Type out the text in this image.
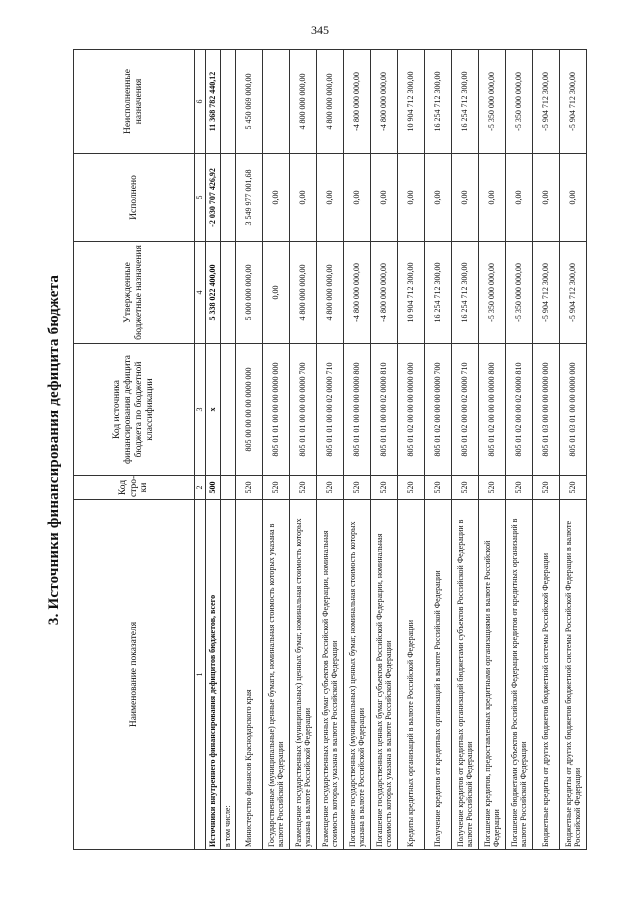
345
3. Источники финансирования дефицита бюджета
Наименование показателя	Код стро-ки	Код источника финансирования дефицита бюджета по бюджетной классификации	Утвержденные бюджетные назначения	Исполнено	Неисполненные назначения
1	2	3	4	5	6
Источники внутреннего финансирования дефицитов бюджетов, всего	500	x	5 338 022 400,00	-2 030 707 426,92	11 368 782 440,12
в том числе:					
Министерство финансов Краснодарского края	520	805 00 00 00 00 0000 000	5 000 000 000,00	3 549 977 001,68	5 450 069 000,00
Государственные (муниципальные) ценные бумаги, номинальная стоимость которых указана в валюте Российской Федерации	520	805 01 01 00 00 00 0000 000	0,00	0,00	
Размещение государственных (муниципальных) ценных бумаг, номинальная стоимость которых указана в валюте Российской Федерации	520	805 01 01 00 00 00 0000 700	4 800 000 000,00	0,00	4 800 000 000,00
Размещение государственных ценных бумаг субъектов Российской Федерации, номинальная стоимость которых указана в валюте Российской Федерации	520	805 01 01 00 00 02 0000 710	4 800 000 000,00	0,00	4 800 000 000,00
Погашение государственных (муниципальных) ценных бумаг, номинальная стоимость которых указана в валюте Российской Федерации	520	805 01 01 00 00 00 0000 800	-4 800 000 000,00	0,00	-4 800 000 000,00
Погашение государственных ценных бумаг субъектов Российской Федерации, номинальная стоимость которых указана в валюте Российской Федерации	520	805 01 01 00 00 02 0000 810	-4 800 000 000,00	0,00	-4 800 000 000,00
Кредиты кредитных организаций в валюте Российской Федерации	520	805 01 02 00 00 00 0000 000	10 904 712 300,00	0,00	10 904 712 300,00
Получение кредитов от кредитных организаций в валюте Российской Федерации	520	805 01 02 00 00 00 0000 700	16 254 712 300,00	0,00	16 254 712 300,00
Получение кредитов от кредитных организаций бюджетами субъектов Российской Федерации в валюте Российской Федерации	520	805 01 02 00 00 02 0000 710	16 254 712 300,00	0,00	16 254 712 300,00
Погашение кредитов, предоставленных кредитными организациями в валюте Российской Федерации	520	805 01 02 00 00 00 0000 800	-5 350 000 000,00	0,00	-5 350 000 000,00
Погашение бюджетами субъектов Российской Федерации кредитов от кредитных организаций в валюте Российской Федерации	520	805 01 02 00 00 02 0000 810	-5 350 000 000,00	0,00	-5 350 000 000,00
Бюджетные кредиты от других бюджетов бюджетной системы Российской Федерации	520	805 01 03 00 00 00 0000 000	-5 904 712 300,00	0,00	-5 904 712 300,00
Бюджетные кредиты от других бюджетов бюджетной системы Российской Федерации в валюте Российской Федерации	520	805 01 03 01 00 00 0000 000	-5 904 712 300,00	0,00	-5 904 712 300,00
